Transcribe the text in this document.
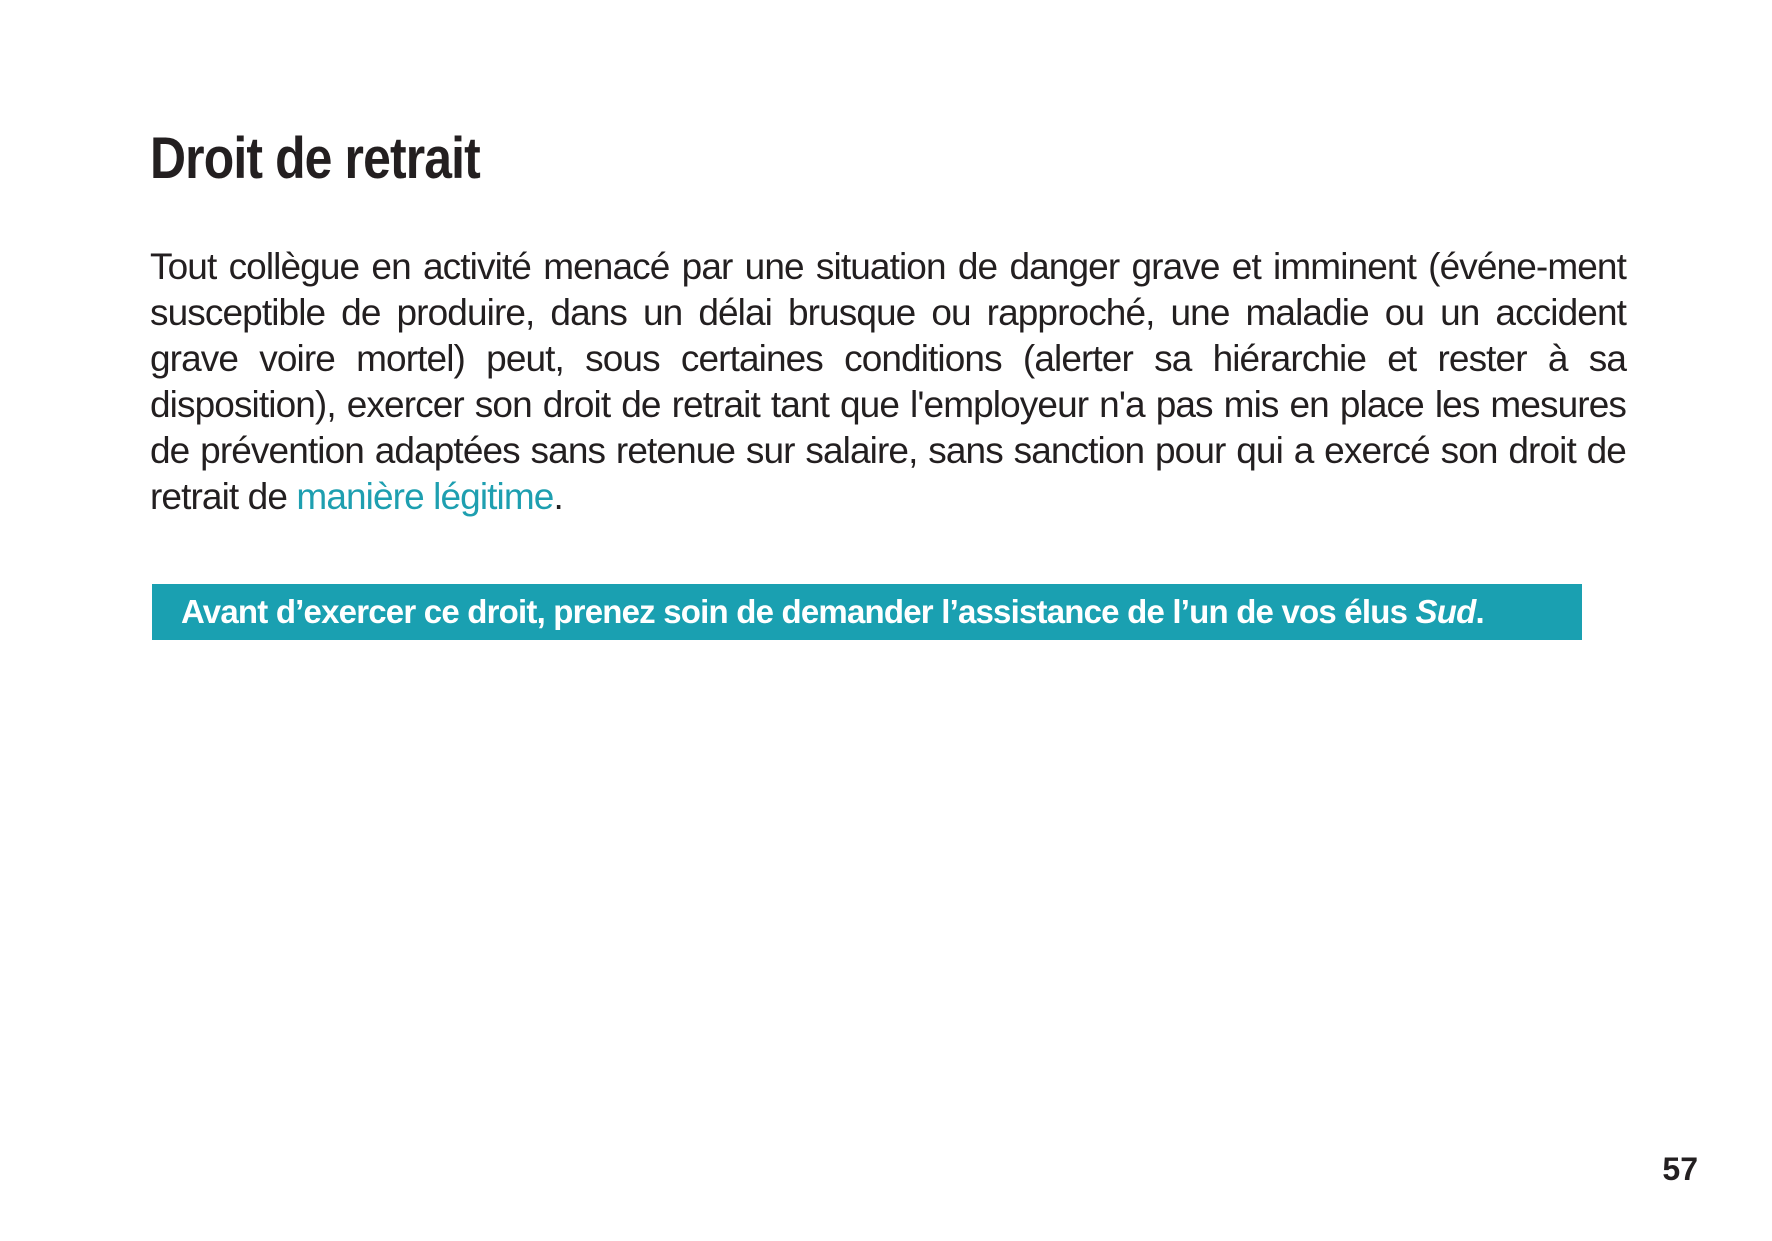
Droit de retrait

Tout collègue en activité menacé par une situation de danger grave et imminent (événe-ment susceptible de produire, dans un délai brusque ou rapproché, une maladie ou un accident grave voire mortel) peut, sous certaines conditions (alerter sa hiérarchie et rester à sa disposition), exercer son droit de retrait tant que l'employeur n'a pas mis en place les mesures de prévention adaptées sans retenue sur salaire, sans sanction pour qui a exercé son droit de retrait de manière légitime.

Avant d’exercer ce droit, prenez soin de demander l’assistance de l’un de vos élus Sud.
57
